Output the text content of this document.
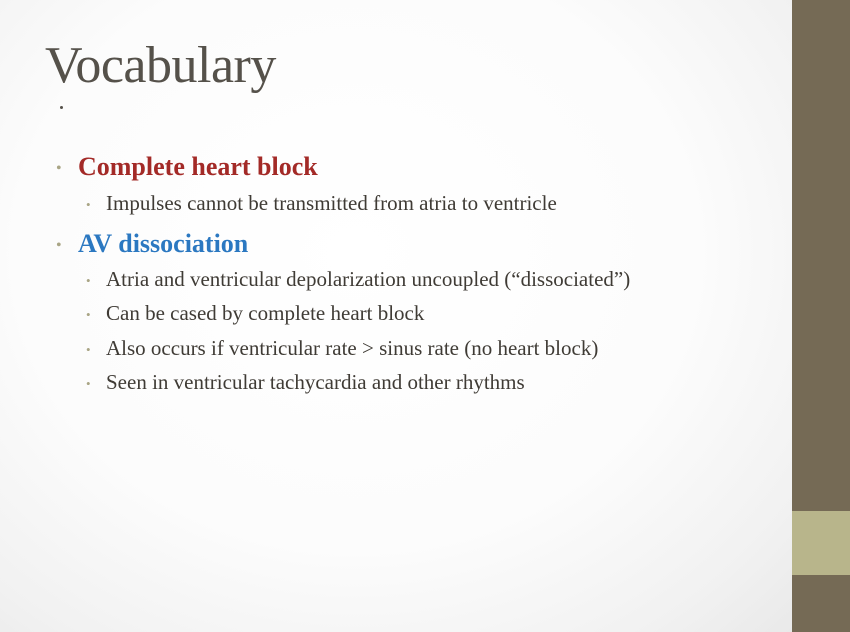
Vocabulary
• Complete heart block
• Impulses cannot be transmitted from atria to ventricle
• AV dissociation
• Atria and ventricular depolarization uncoupled (“dissociated”)
• Can be cased by complete heart block
• Also occurs if ventricular rate > sinus rate (no heart block)
• Seen in ventricular tachycardia and other rhythms
